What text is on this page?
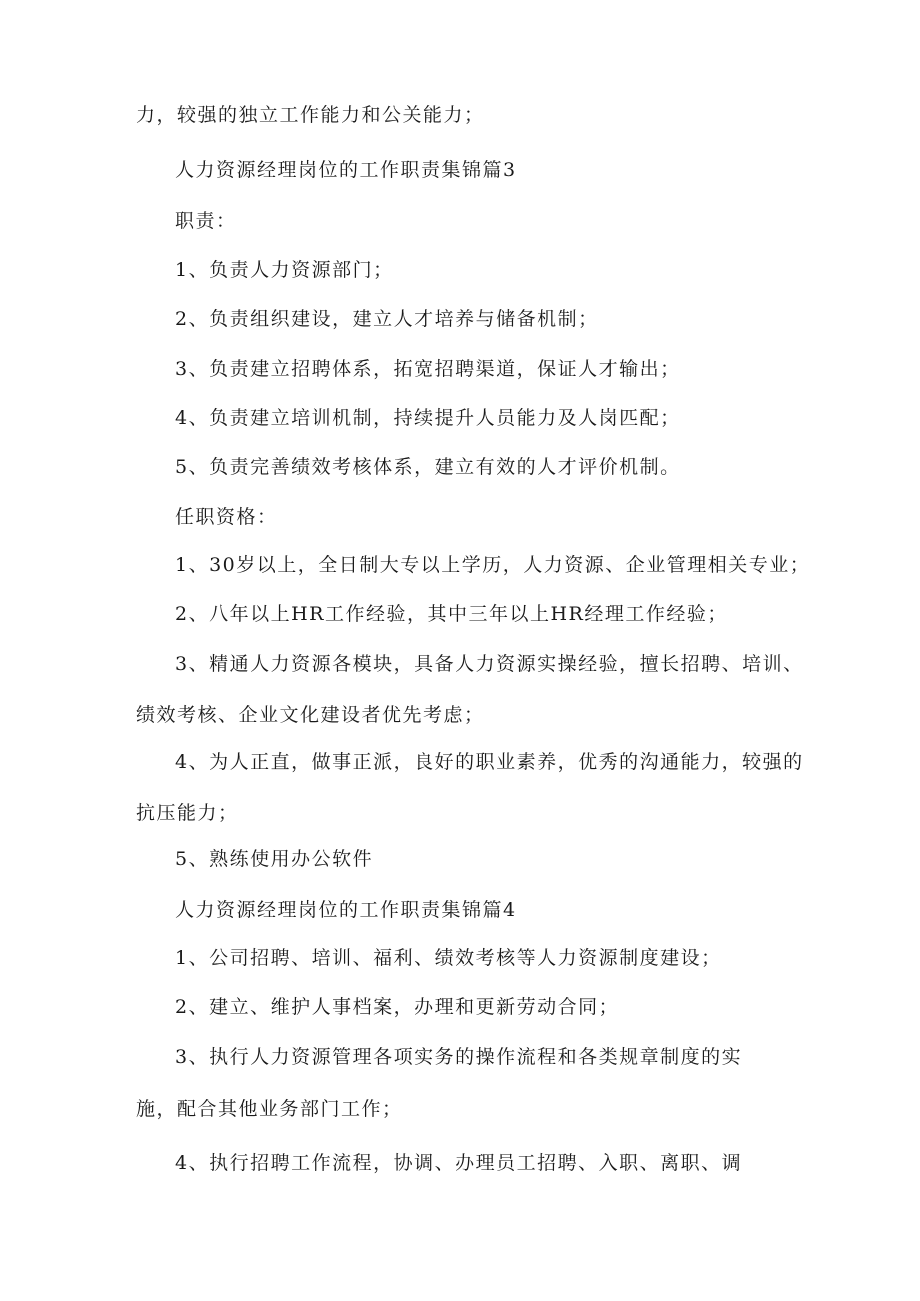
力，较强的独立工作能力和公关能力；
人力资源经理岗位的工作职责集锦篇3
职责：
1、负责人力资源部门；
2、负责组织建设，建立人才培养与储备机制；
3、负责建立招聘体系，拓宽招聘渠道，保证人才输出；
4、负责建立培训机制，持续提升人员能力及人岗匹配；
5、负责完善绩效考核体系，建立有效的人才评价机制。
任职资格：
1、30岁以上，全日制大专以上学历，人力资源、企业管理相关专业；
2、八年以上HR工作经验，其中三年以上HR经理工作经验；
3、精通人力资源各模块，具备人力资源实操经验，擅长招聘、培训、
绩效考核、企业文化建设者优先考虑；
4、为人正直，做事正派，良好的职业素养，优秀的沟通能力，较强的
抗压能力；
5、熟练使用办公软件
人力资源经理岗位的工作职责集锦篇4
1、公司招聘、培训、福利、绩效考核等人力资源制度建设；
2、建立、维护人事档案，办理和更新劳动合同；
3、执行人力资源管理各项实务的操作流程和各类规章制度的实
施，配合其他业务部门工作；
4、执行招聘工作流程，协调、办理员工招聘、入职、离职、调
